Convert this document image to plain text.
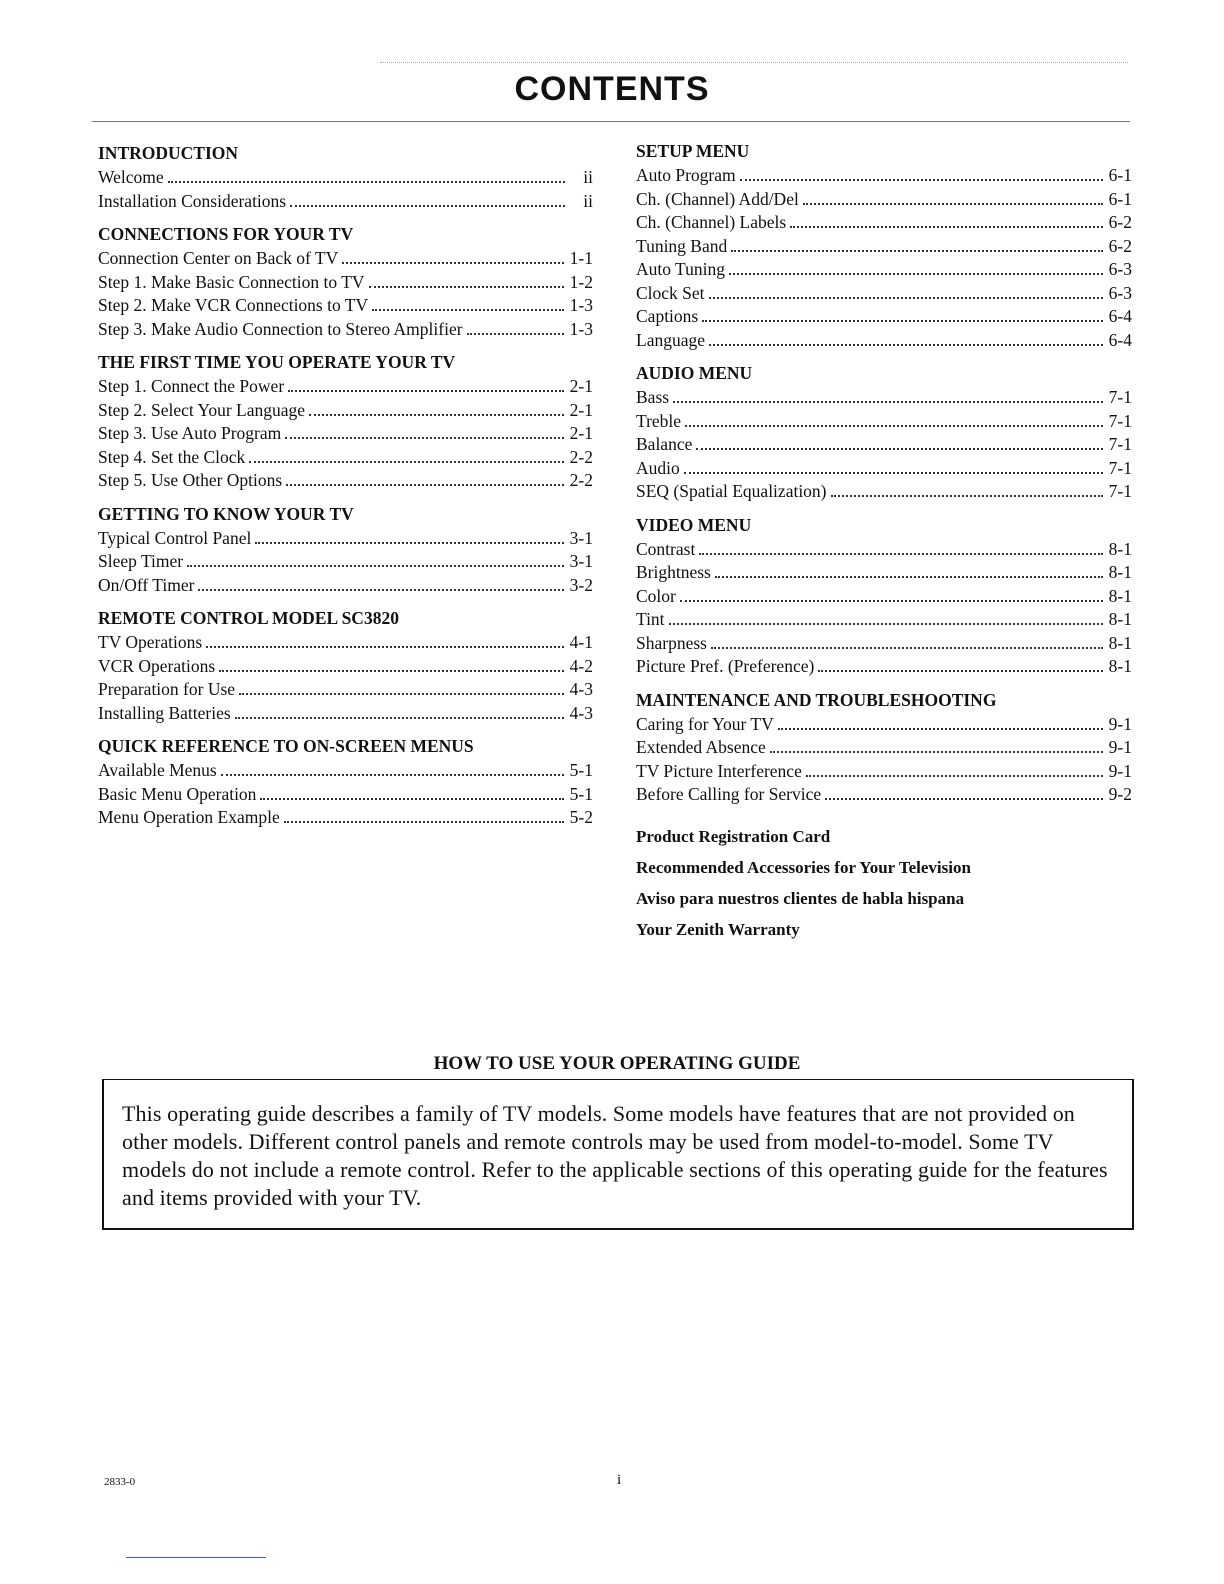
CONTENTS
INTRODUCTION
Welcome	ii
Installation Considerations	ii
CONNECTIONS FOR YOUR TV
Connection Center on Back of TV	1-1
Step 1. Make Basic Connection to TV	1-2
Step 2. Make VCR Connections to TV	1-3
Step 3. Make Audio Connection to Stereo Amplifier	1-3
THE FIRST TIME YOU OPERATE YOUR TV
Step 1. Connect the Power	2-1
Step 2. Select Your Language	2-1
Step 3. Use Auto Program	2-1
Step 4. Set the Clock	2-2
Step 5. Use Other Options	2-2
GETTING TO KNOW YOUR TV
Typical Control Panel	3-1
Sleep Timer	3-1
On/Off Timer	3-2
REMOTE CONTROL MODEL SC3820
TV Operations	4-1
VCR Operations	4-2
Preparation for Use	4-3
Installing Batteries	4-3
QUICK REFERENCE TO ON-SCREEN MENUS
Available Menus	5-1
Basic Menu Operation	5-1
Menu Operation Example	5-2
SETUP MENU
Auto Program	6-1
Ch. (Channel) Add/Del	6-1
Ch. (Channel) Labels	6-2
Tuning Band	6-2
Auto Tuning	6-3
Clock Set	6-3
Captions	6-4
Language	6-4
AUDIO MENU
Bass	7-1
Treble	7-1
Balance	7-1
Audio	7-1
SEQ (Spatial Equalization)	7-1
VIDEO MENU
Contrast	8-1
Brightness	8-1
Color	8-1
Tint	8-1
Sharpness	8-1
Picture Pref. (Preference)	8-1
MAINTENANCE AND TROUBLESHOOTING
Caring for Your TV	9-1
Extended Absence	9-1
TV Picture Interference	9-1
Before Calling for Service	9-2
Product Registration Card
Recommended Accessories for Your Television
Aviso para nuestros clientes de habla hispana
Your Zenith Warranty
HOW TO USE YOUR OPERATING GUIDE
This operating guide describes a family of TV models. Some models have features that are not provided on other models. Different control panels and remote controls may be used from model-to-model. Some TV models do not include a remote control. Refer to the applicable sections of this operating guide for the features and items provided with your TV.
2833-0	i
